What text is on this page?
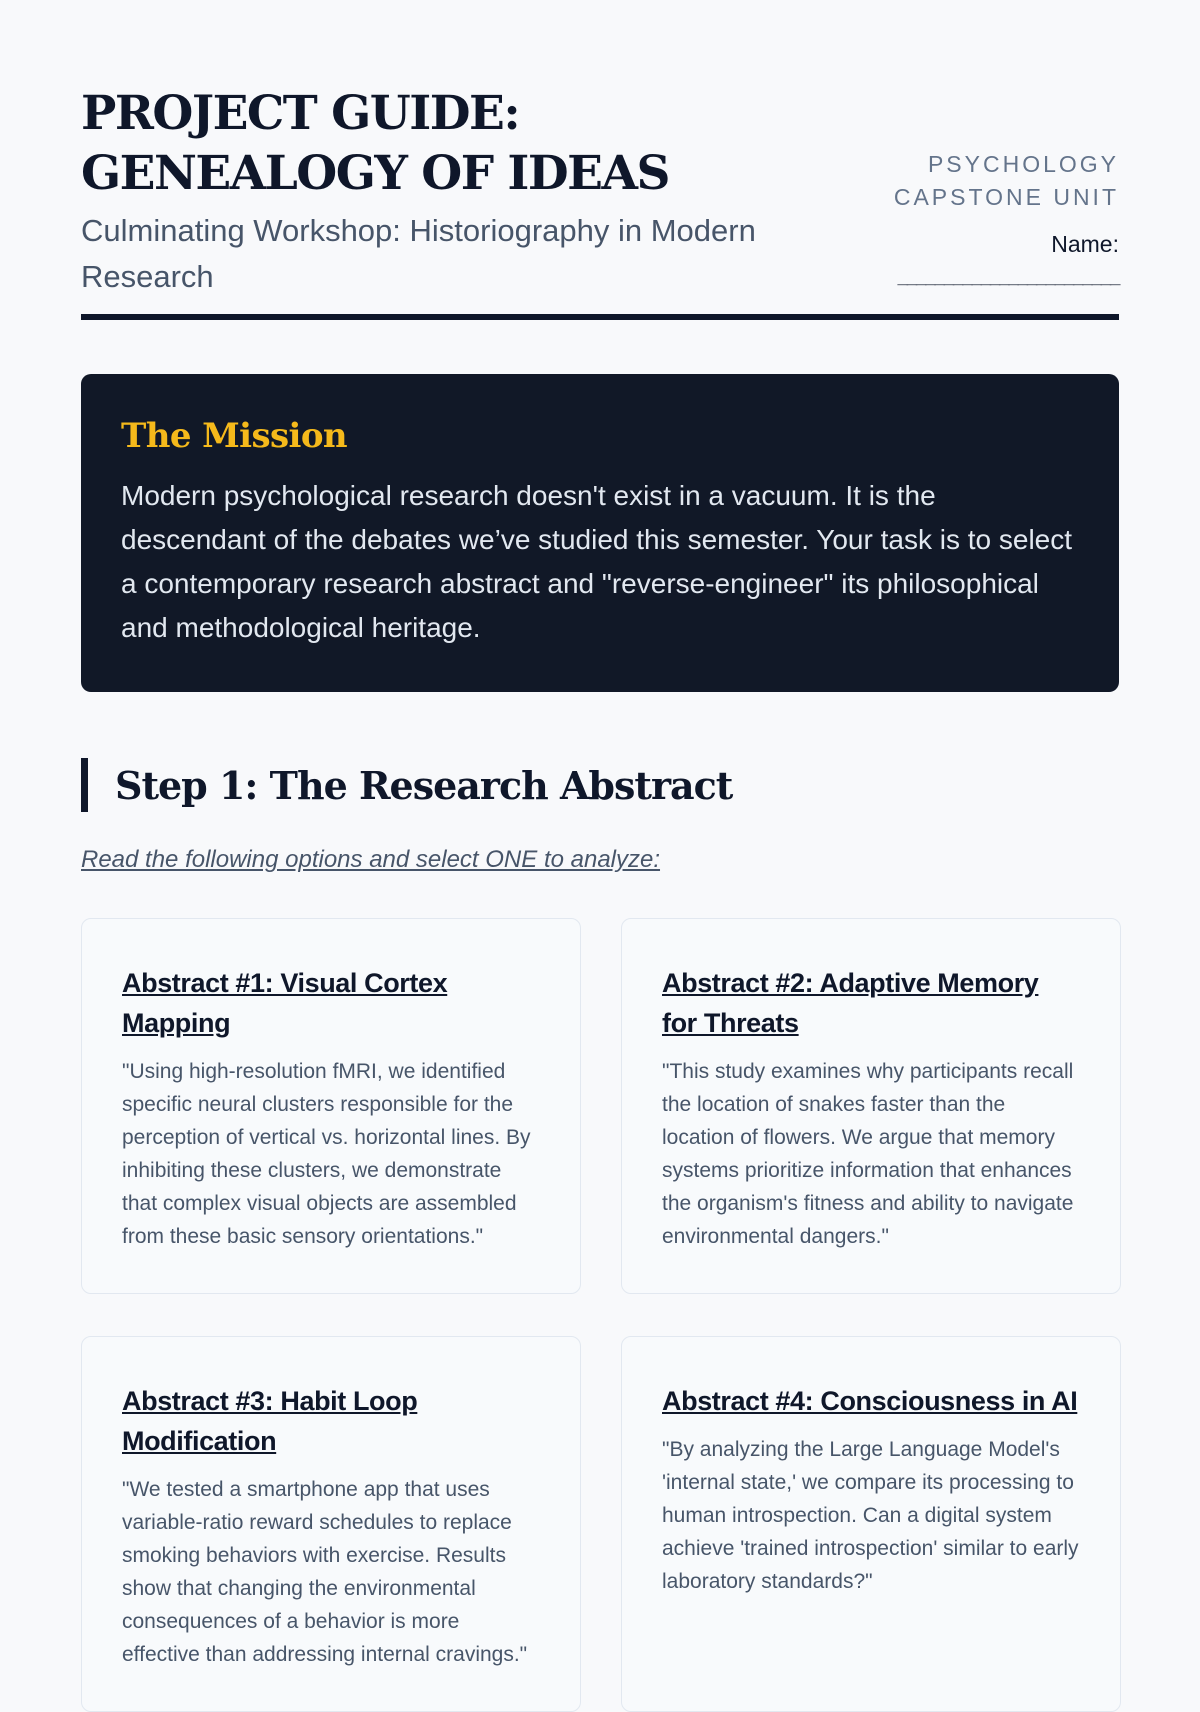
PROJECT GUIDE: GENEALOGY OF IDEAS
Culminating Workshop: Historiography in Modern Research
PSYCHOLOGY
CAPSTONE UNIT
Name:
________________________
The Mission

Modern psychological research doesn't exist in a vacuum. It is the descendant of the debates we’ve studied this semester. Your task is to select a contemporary research abstract and "reverse-engineer" its philosophical and methodological heritage.

Step 1: The Research Abstract

Read the following options and select ONE to analyze:

Abstract #1: Visual Cortex Mapping

"Using high-resolution fMRI, we identified specific neural clusters responsible for the perception of vertical vs. horizontal lines. By inhibiting these clusters, we demonstrate that complex visual objects are assembled from these basic sensory orientations."

Abstract #2: Adaptive Memory for Threats

"This study examines why participants recall the location of snakes faster than the location of flowers. We argue that memory systems prioritize information that enhances the organism's fitness and ability to navigate environmental dangers."

Abstract #3: Habit Loop Modification

"We tested a smartphone app that uses variable-ratio reward schedules to replace smoking behaviors with exercise. Results show that changing the environmental consequences of a behavior is more effective than addressing internal cravings."

Abstract #4: Consciousness in AI

"By analyzing the Large Language Model's 'internal state,' we compare its processing to human introspection. Can a digital system achieve 'trained introspection' similar to early laboratory standards?"
